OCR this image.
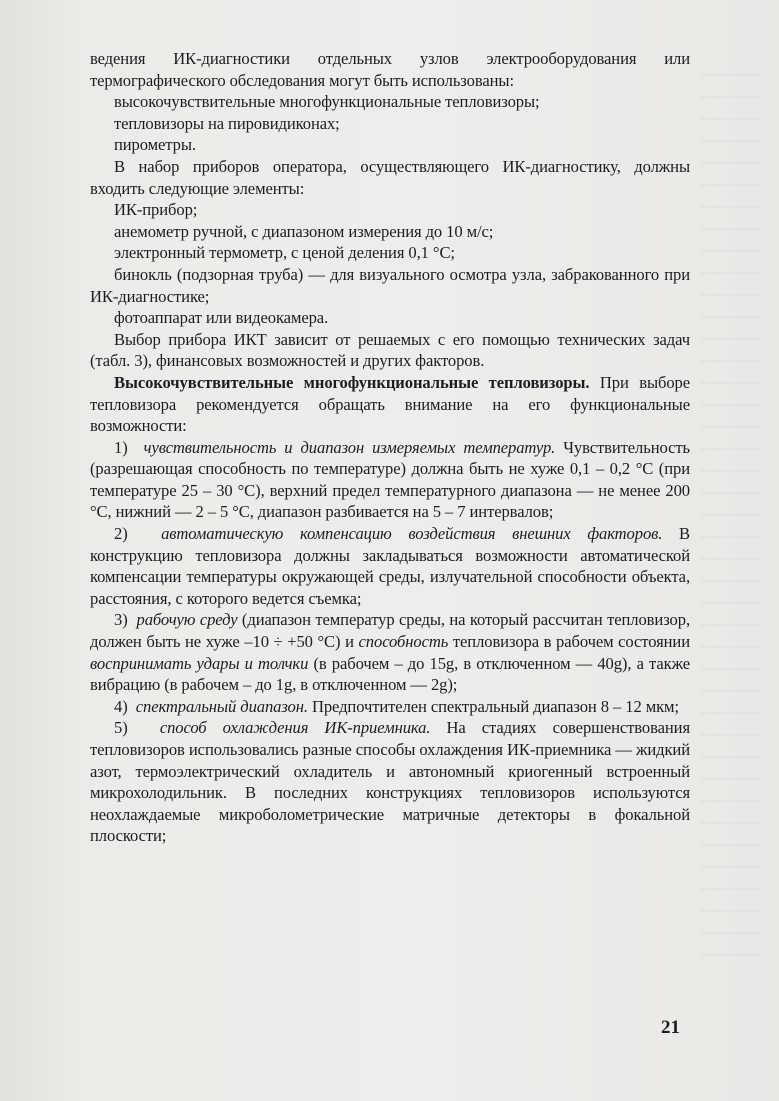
ведения ИК-диагностики отдельных узлов электрооборудования или термографического обследования могут быть использованы:

высокочувствительные многофункциональные тепловизоры;

тепловизоры на пировидиконах;

пирометры.

В набор приборов оператора, осуществляющего ИК-диагностику, должны входить следующие элементы:

ИК-прибор;

анемометр ручной, с диапазоном измерения до 10 м/с;

электронный термометр, с ценой деления 0,1 °С;

бинокль (подзорная труба) — для визуального осмотра узла, забракованного при ИК-диагностике;

фотоаппарат или видеокамера.

Выбор прибора ИКТ зависит от решаемых с его помощью технических задач (табл. 3), финансовых возможностей и других факторов.

Высокочувствительные многофункциональные тепловизоры. При выборе тепловизора рекомендуется обращать внимание на его функциональные возможности:

1) чувствительность и диапазон измеряемых температур. Чувствительность (разрешающая способность по температуре) должна быть не хуже 0,1 – 0,2 °С (при температуре 25 – 30 °С), верхний предел температурного диапазона — не менее 200 °С, нижний — 2 – 5 °С, диапазон разбивается на 5 – 7 интервалов;

2) автоматическую компенсацию воздействия внешних факторов. В конструкцию тепловизора должны закладываться возможности автоматической компенсации температуры окружающей среды, излучательной способности объекта, расстояния, с которого ведется съемка;

3) рабочую среду (диапазон температур среды, на который рассчитан тепловизор, должен быть не хуже –10 ÷ +50 °С) и способность тепловизора в рабочем состоянии воспринимать удары и толчки (в рабочем – до 15g, в отключенном — 40g), а также вибрацию (в рабочем – до 1g, в отключенном — 2g);

4) спектральный диапазон. Предпочтителен спектральный диапазон 8 – 12 мкм;

5) способ охлаждения ИК-приемника. На стадиях совершенствования тепловизоров использовались разные способы охлаждения ИК-приемника — жидкий азот, термоэлектрический охладитель и автономный криогенный встроенный микрохолодильник. В последних конструкциях тепловизоров используются неохлаждаемые микроболометрические матричные детекторы в фокальной плоскости;

21
